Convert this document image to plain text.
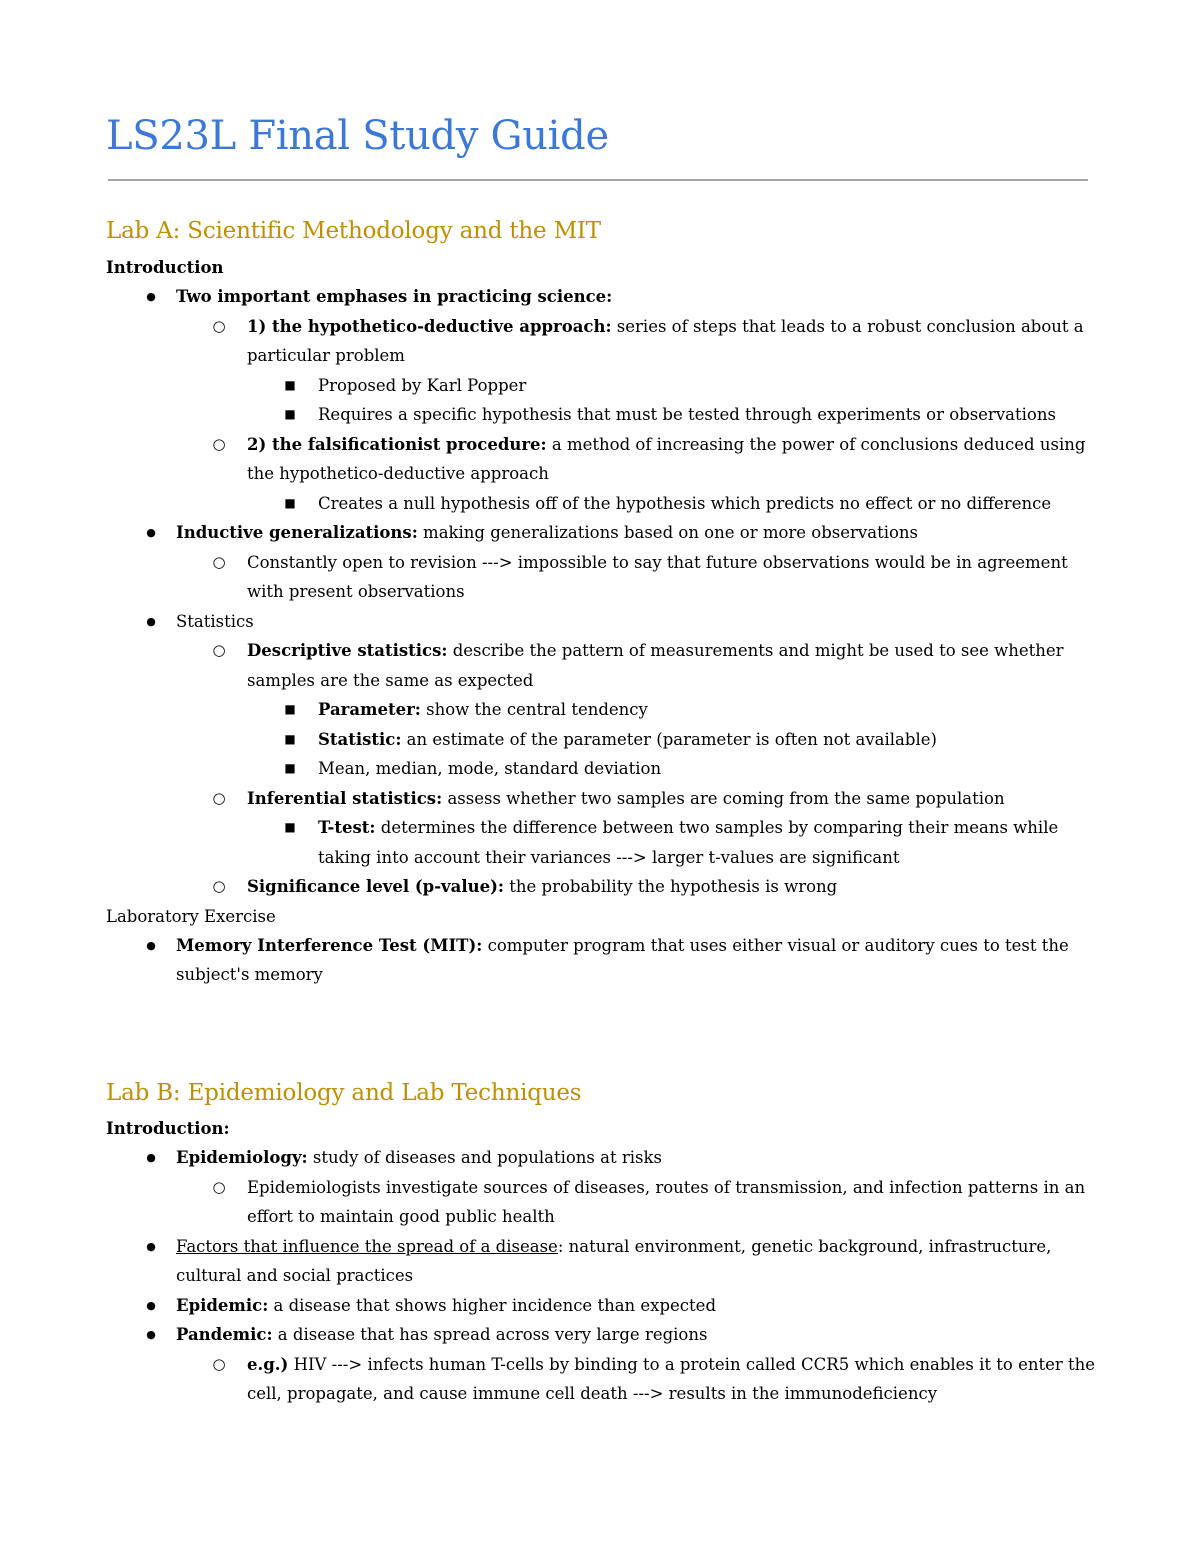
LS23L Final Study Guide
Lab A: Scientific Methodology and the MIT
Introduction
●	Two important emphases in practicing science:
○	1) the hypothetico-deductive approach: series of steps that leads to a robust conclusion about a particular problem
■	Proposed by Karl Popper
■	Requires a specific hypothesis that must be tested through experiments or observations
○	2) the falsificationist procedure: a method of increasing the power of conclusions deduced using the hypothetico-deductive approach
■	Creates a null hypothesis off of the hypothesis which predicts no effect or no difference
●	Inductive generalizations: making generalizations based on one or more observations
○	Constantly open to revision ---> impossible to say that future observations would be in agreement with present observations
●	Statistics
○	Descriptive statistics: describe the pattern of measurements and might be used to see whether samples are the same as expected
■	Parameter: show the central tendency
■	Statistic: an estimate of the parameter (parameter is often not available)
■	Mean, median, mode, standard deviation
○	Inferential statistics: assess whether two samples are coming from the same population
■	T-test: determines the difference between two samples by comparing their means while taking into account their variances ---> larger t-values are significant
○	Significance level (p-value): the probability the hypothesis is wrong
Laboratory Exercise
●	Memory Interference Test (MIT): computer program that uses either visual or auditory cues to test the subject's memory
Lab B: Epidemiology and Lab Techniques
Introduction:
●	Epidemiology: study of diseases and populations at risks
○	Epidemiologists investigate sources of diseases, routes of transmission, and infection patterns in an effort to maintain good public health
●	Factors that influence the spread of a disease: natural environment, genetic background, infrastructure, cultural and social practices
●	Epidemic: a disease that shows higher incidence than expected
●	Pandemic: a disease that has spread across very large regions
○	e.g.) HIV ---> infects human T-cells by binding to a protein called CCR5 which enables it to enter the cell, propagate, and cause immune cell death ---> results in the immunodeficiency
